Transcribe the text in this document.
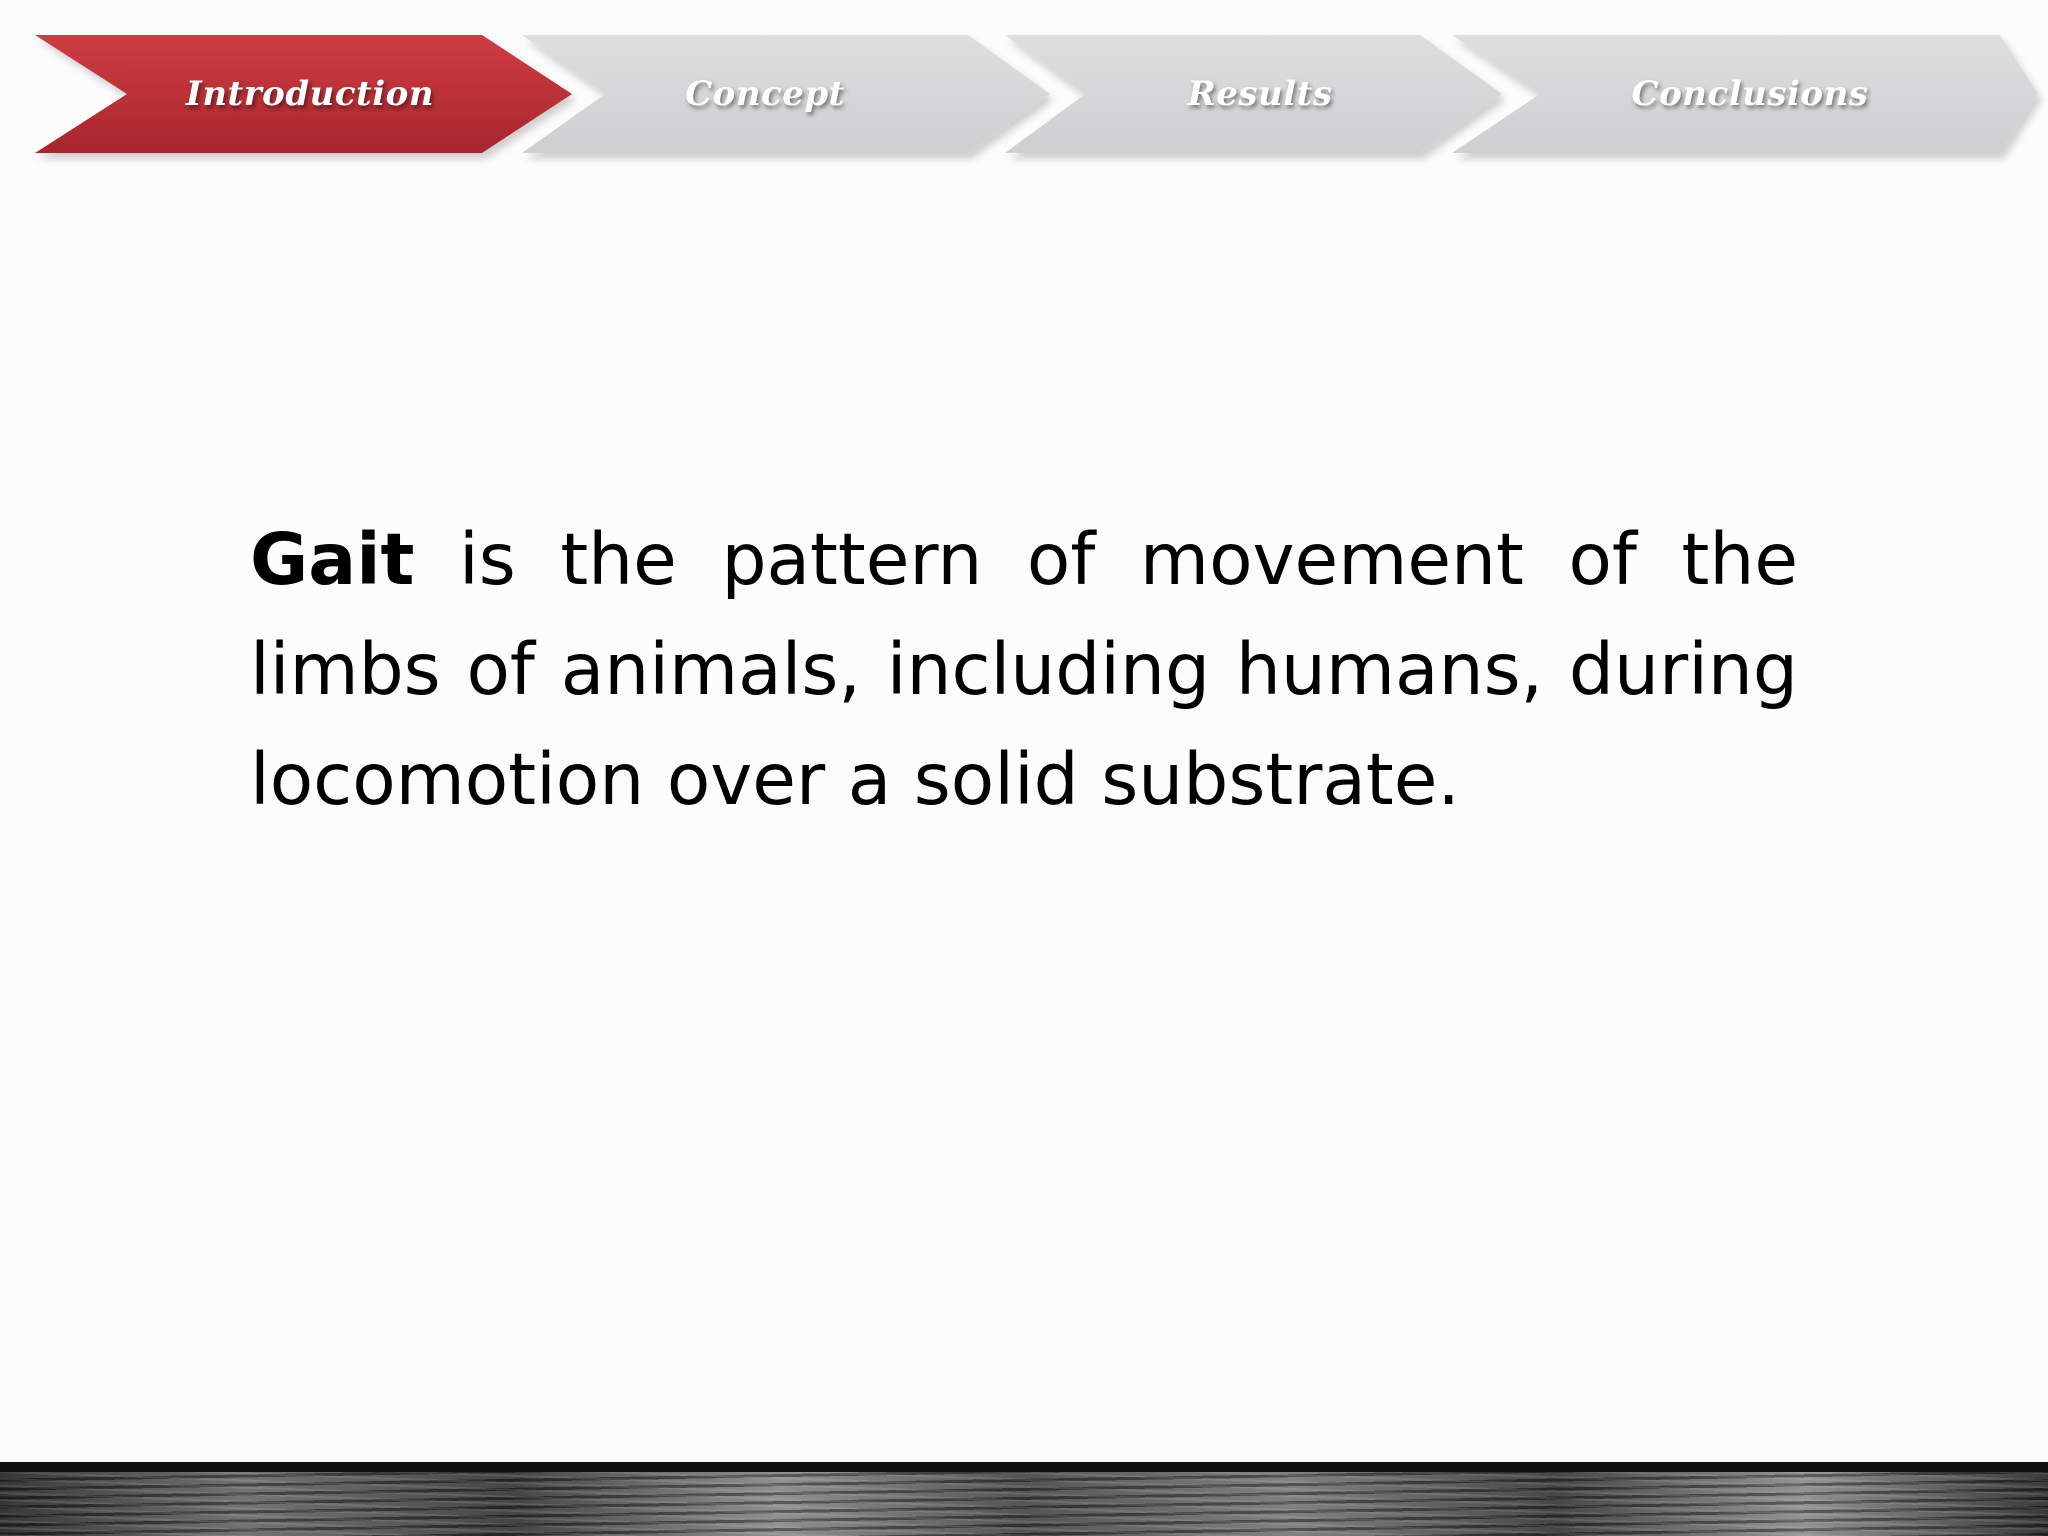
Introduction	Concept	Results	Conclusions
Gait is the pattern of movement of the limbs of animals, including humans, during locomotion over a solid substrate.
